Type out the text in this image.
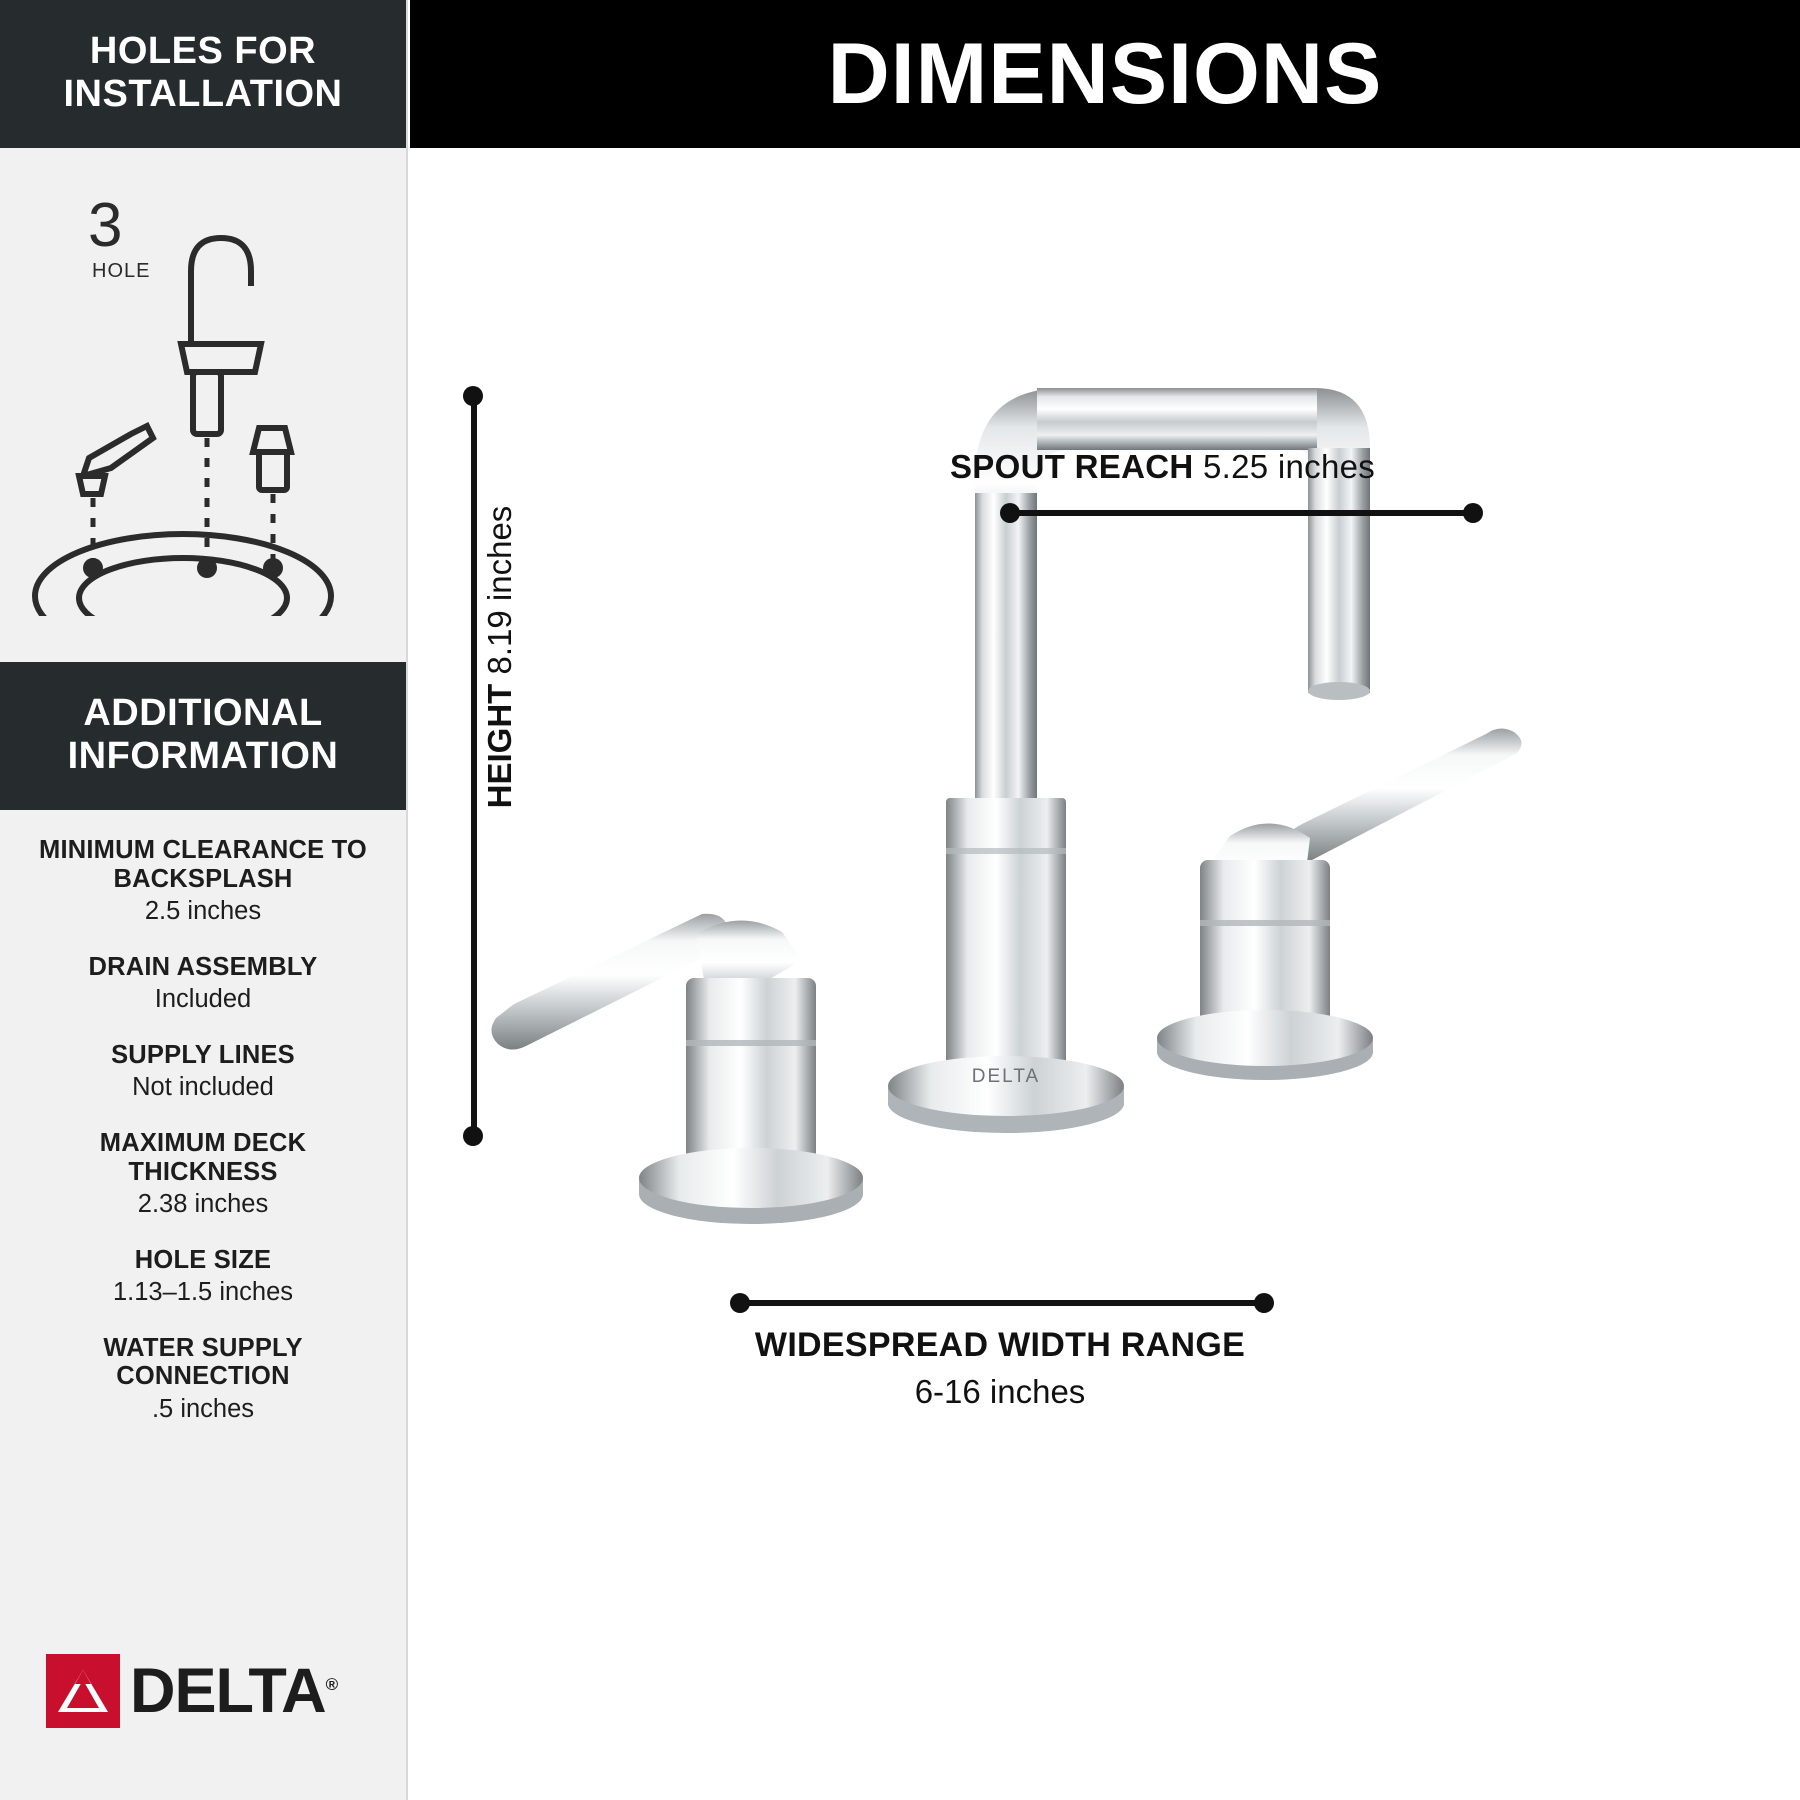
HOLES FOR INSTALLATION
3
HOLE
ADDITIONAL INFORMATION
MINIMUM CLEARANCE TO BACKSPLASH
2.5 inches
DRAIN ASSEMBLY
Included
SUPPLY LINES
Not included
MAXIMUM DECK THICKNESS
2.38 inches
HOLE SIZE
1.13–1.5 inches
WATER SUPPLY CONNECTION
.5 inches
DELTA®
DIMENSIONS
DELTA
SPOUT REACH 5.25 inches
HEIGHT 8.19 inches
WIDESPREAD WIDTH RANGE
6-16 inches
